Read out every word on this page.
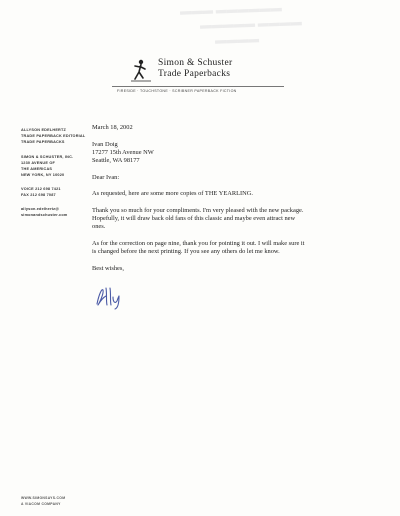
▬▬▬ ▬▬▬▬▬▬
▬▬▬▬▬ ▬▬▬▬
▬▬▬▬
Simon & Schuster
Trade Paperbacks
FIRESIDE · TOUCHSTONE · SCRIBNER PAPERBACK FICTION
ALLYSON EDELHERTZ
TRADE PAPERBACK EDITORIAL
TRADE PAPERBACKS
SIMON & SCHUSTER, INC.
1230 AVENUE OF
THE AMERICAS
NEW YORK, NY 10020
VOICE 212 698 7421
FAX 212 698 7087
allyson.edelhertz@
simonandschuster.com
March 18, 2002
Ivan Doig
17277 15th Avenue NW
Seattle, WA 98177
Dear Ivan:
As requested, here are some more copies of THE YEARLING.
Thank you so much for your compliments. I'm very pleased with the new package.
Hopefully, it will draw back old fans of this classic and maybe even attract new
ones.
As for the correction on page nine, thank you for pointing it out. I will make sure it
is changed before the next printing. If you see any others do let me know.
Best wishes,
WWW.SIMONSAYS.COM
A VIACOM COMPANY
